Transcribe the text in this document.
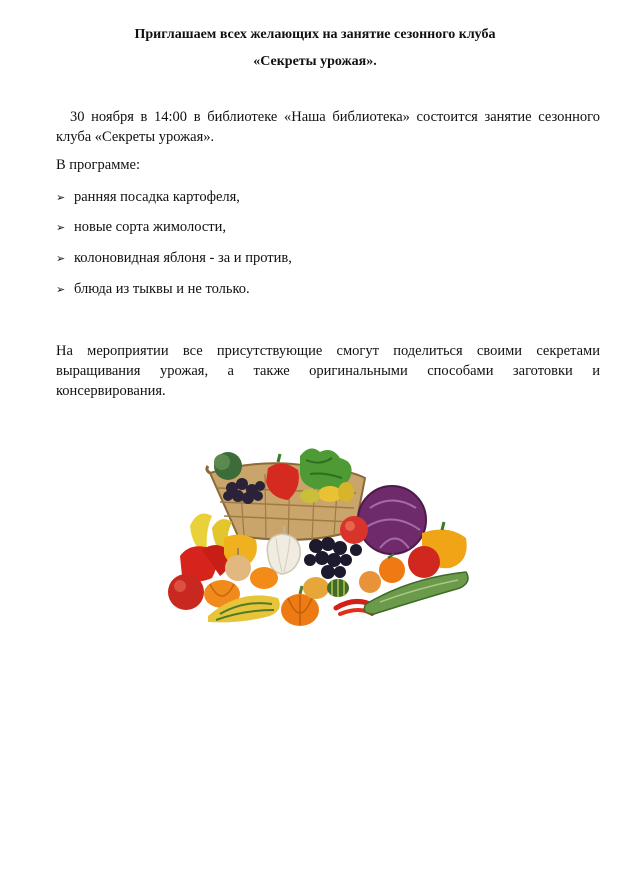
Приглашаем всех желающих на занятие сезонного клуба
«Секреты урожая».
30 ноября в 14:00 в библиотеке «Наша библиотека» состоится занятие сезонного клуба «Секреты урожая».
В программе:
➢ ранняя посадка картофеля,
➢ новые сорта жимолости,
➢ колоновидная яблоня - за и против,
➢ блюда из тыквы и не только.
На мероприятии все присутствующие смогут поделиться своими секретами выращивания урожая, а также оригинальными способами заготовки и консервирования.
